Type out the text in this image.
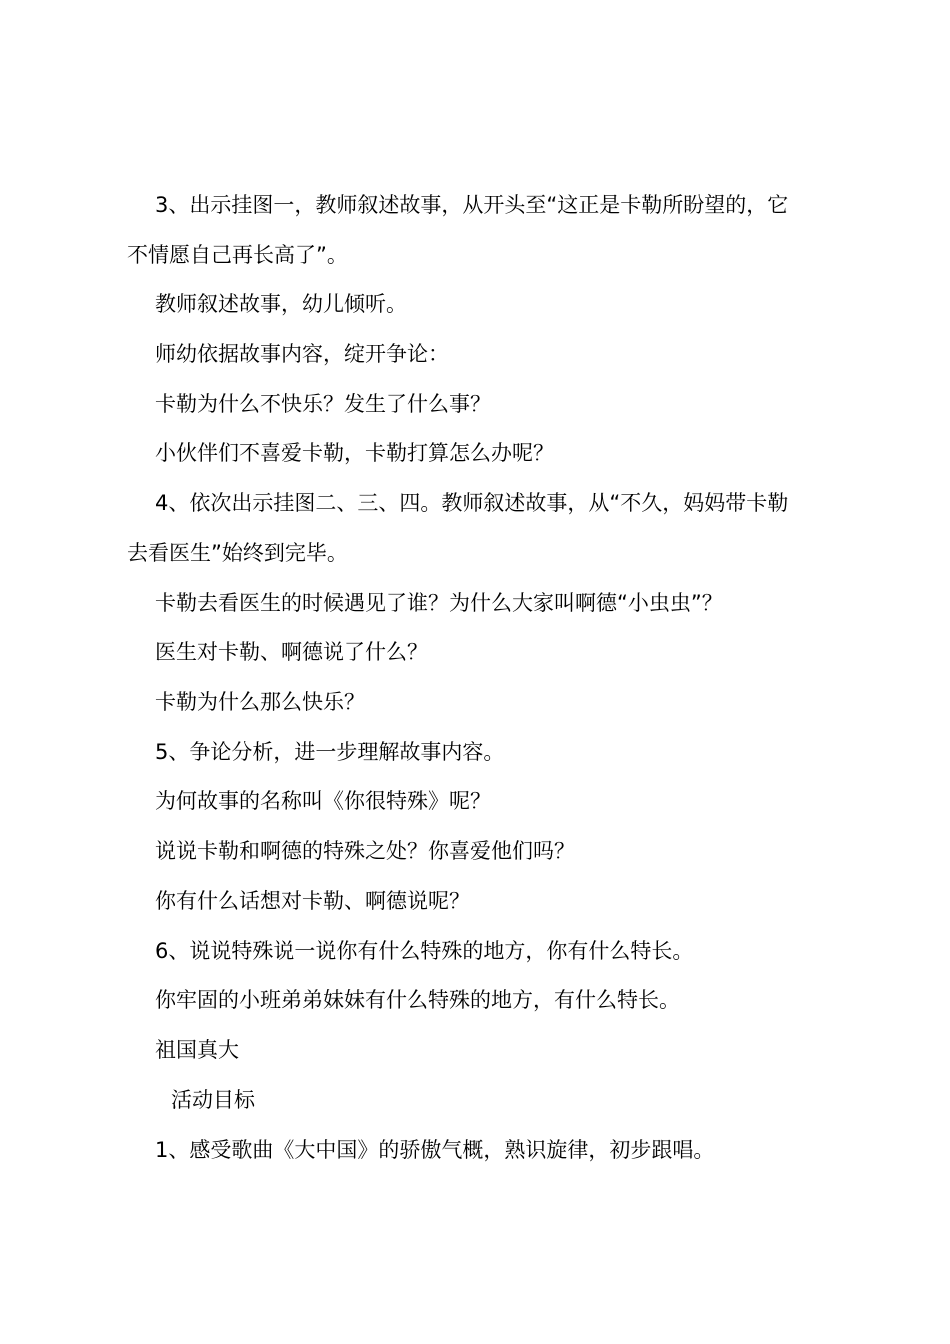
3、出示挂图一，教师叙述故事，从开头至“这正是卡勒所盼望的，它
不情愿自己再长高了”。
教师叙述故事，幼儿倾听。
师幼依据故事内容，绽开争论：
卡勒为什么不快乐？发生了什么事？
小伙伴们不喜爱卡勒，卡勒打算怎么办呢？
4、依次出示挂图二、三、四。教师叙述故事，从“不久，妈妈带卡勒
去看医生”始终到完毕。
卡勒去看医生的时候遇见了谁？为什么大家叫啊德“小虫虫”？
医生对卡勒、啊德说了什么？
卡勒为什么那么快乐？
5、争论分析，进一步理解故事内容。
为何故事的名称叫《你很特殊》呢？
说说卡勒和啊德的特殊之处？你喜爱他们吗？
你有什么话想对卡勒、啊德说呢？
6、说说特殊说一说你有什么特殊的地方，你有什么特长。
你牢固的小班弟弟妹妹有什么特殊的地方，有什么特长。
祖国真大
活动目标
1、感受歌曲《大中国》的骄傲气概，熟识旋律，初步跟唱。
